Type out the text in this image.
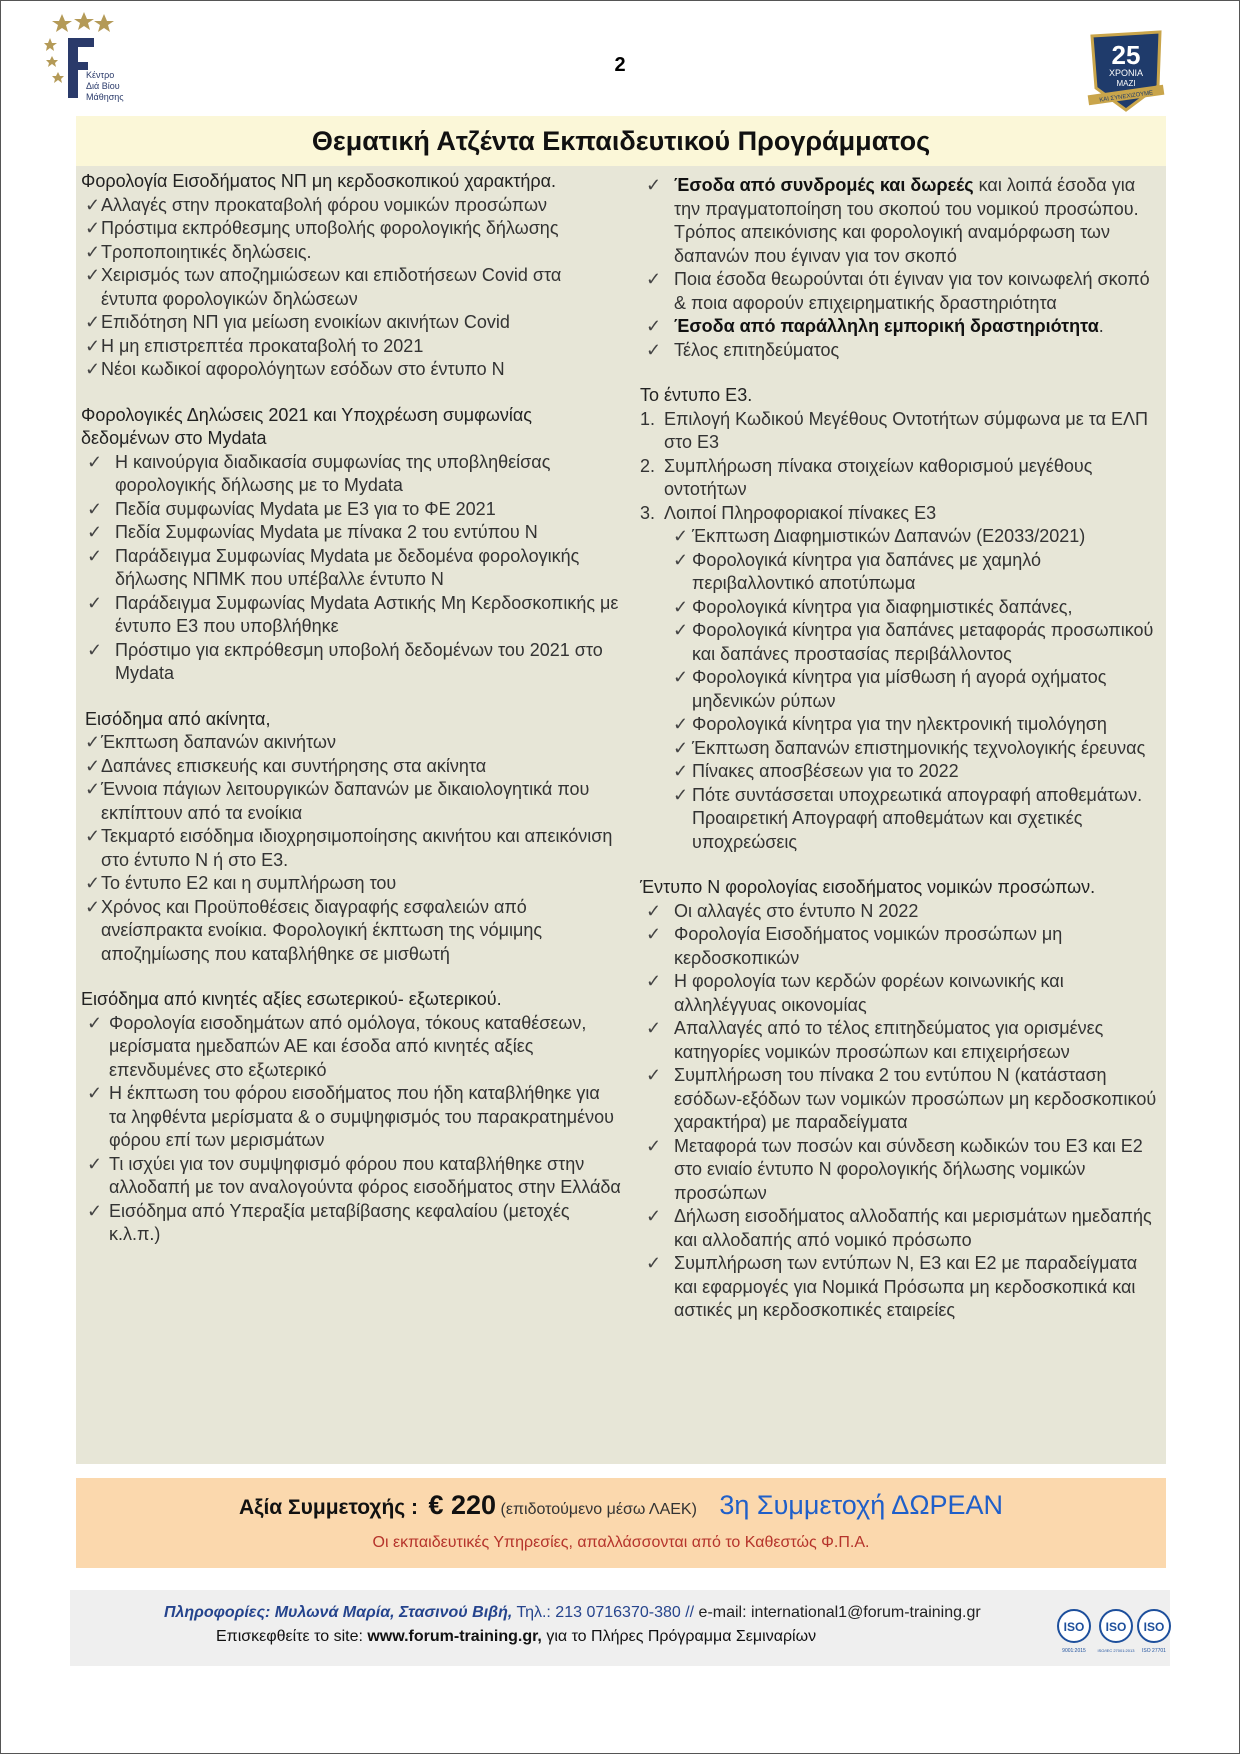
Κέντρο
Διά Βίου
Μάθησης
2	25
ΧΡΟΝΙΑ
ΜΑΖΙ
ΚΑΙ ΣΥΝΕΧΙΖΟΥΜΕ
Θεματική Ατζέντα Εκπαιδευτικού Προγράμματος
Φορολογία Εισοδήματος ΝΠ μη κερδοσκοπικού χαρακτήρα.
✓ Αλλαγές στην προκαταβολή φόρου νομικών προσώπων
✓ Πρόστιμα εκπρόθεσμης υποβολής φορολογικής δήλωσης
✓ Τροποποιητικές δηλώσεις.
✓ Χειρισμός των αποζημιώσεων και επιδοτήσεων Covid στα έντυπα φορολογικών δηλώσεων
✓ Επιδότηση ΝΠ για μείωση ενοικίων ακινήτων Covid
✓ Η μη επιστρεπτέα προκαταβολή το 2021
✓ Νέοι κωδικοί αφορολόγητων εσόδων στο έντυπο Ν
Φορολογικές Δηλώσεις 2021 και Υποχρέωση συμφωνίας δεδομένων στο Mydata
✓ Η καινούργια διαδικασία συμφωνίας της υποβληθείσας φορολογικής δήλωσης με το Mydata
✓ Πεδία συμφωνίας Mydata με Ε3 για το ΦΕ 2021
✓ Πεδία Συμφωνίας Mydata με πίνακα 2 του εντύπου Ν
✓ Παράδειγμα Συμφωνίας Mydata με δεδομένα φορολογικής δήλωσης ΝΠΜΚ που υπέβαλλε έντυπο Ν
✓ Παράδειγμα Συμφωνίας Mydata Αστικής Μη Κερδοσκοπικής με έντυπο Ε3 που υποβλήθηκε
✓ Πρόστιμο για εκπρόθεσμη υποβολή δεδομένων του 2021 στο Mydata
Εισόδημα από ακίνητα,
✓ Έκπτωση δαπανών ακινήτων
✓ Δαπάνες επισκευής και συντήρησης στα ακίνητα
✓ Έννοια πάγιων λειτουργικών δαπανών με δικαιολογητικά που εκπίπτουν από τα ενοίκια
✓ Τεκμαρτό εισόδημα ιδιοχρησιμοποίησης ακινήτου και απεικόνιση στο έντυπο Ν ή στο Ε3.
✓ Το έντυπο Ε2 και η συμπλήρωση του
✓ Χρόνος και Προϋποθέσεις διαγραφής εσφαλειών από ανείσπρακτα ενοίκια. Φορολογική έκπτωση της νόμιμης αποζημίωσης που καταβλήθηκε σε μισθωτή
Εισόδημα από κινητές αξίες εσωτερικού- εξωτερικού.
✓ Φορολογία εισοδημάτων από ομόλογα, τόκους καταθέσεων, μερίσματα ημεδαπών ΑΕ και έσοδα από κινητές αξίες επενδυμένες στο εξωτερικό
✓ Η έκπτωση του φόρου εισοδήματος που ήδη καταβλήθηκε για τα ληφθέντα μερίσματα & ο συμψηφισμός του παρακρατημένου φόρου επί των μερισμάτων
✓ Τι ισχύει για τον συμψηφισμό φόρου που καταβλήθηκε στην αλλοδαπή με τον αναλογούντα φόρος εισοδήματος στην Ελλάδα
✓ Εισόδημα από Υπεραξία μεταβίβασης κεφαλαίου (μετοχές κ.λ.π.)
✓ Έσοδα από συνδρομές και δωρεές και λοιπά έσοδα για την πραγματοποίηση του σκοπού του νομικού προσώπου. Τρόπος απεικόνισης και φορολογική αναμόρφωση των δαπανών που έγιναν για τον σκοπό
✓ Ποια έσοδα θεωρούνται ότι έγιναν για τον κοινωφελή σκοπό & ποια αφορούν επιχειρηματικής δραστηριότητα
✓ Έσοδα από παράλληλη εμπορική δραστηριότητα.
✓ Τέλος επιτηδεύματος
Το έντυπο Ε3.
1. Επιλογή Κωδικού Μεγέθους Οντοτήτων σύμφωνα με τα ΕΛΠ στο Ε3
2. Συμπλήρωση πίνακα στοιχείων καθορισμού μεγέθους οντοτήτων
3. Λοιποί Πληροφοριακοί πίνακες Ε3
✓ Έκπτωση Διαφημιστικών Δαπανών (Ε2033/2021)
✓ Φορολογικά κίνητρα για δαπάνες με χαμηλό περιβαλλοντικό αποτύπωμα
✓ Φορολογικά κίνητρα για διαφημιστικές δαπάνες,
✓ Φορολογικά κίνητρα για δαπάνες μεταφοράς προσωπικού και δαπάνες προστασίας περιβάλλοντος
✓ Φορολογικά κίνητρα για μίσθωση ή αγορά οχήματος μηδενικών ρύπων
✓ Φορολογικά κίνητρα για την ηλεκτρονική τιμολόγηση
✓ Έκπτωση δαπανών επιστημονικής τεχνολογικής έρευνας
✓ Πίνακες αποσβέσεων για το 2022
✓ Πότε συντάσσεται υποχρεωτικά απογραφή αποθεμάτων. Προαιρετική Απογραφή αποθεμάτων και σχετικές υποχρεώσεις
Έντυπο Ν φορολογίας εισοδήματος νομικών προσώπων.
✓ Οι αλλαγές στο έντυπο Ν 2022
✓ Φορολογία Εισοδήματος νομικών προσώπων μη κερδοσκοπικών
✓ Η φορολογία των κερδών φορέων κοινωνικής και αλληλέγγυας οικονομίας
✓ Απαλλαγές από το τέλος επιτηδεύματος για ορισμένες κατηγορίες νομικών προσώπων και επιχειρήσεων
✓ Συμπλήρωση του πίνακα 2 του εντύπου Ν (κατάσταση εσόδων-εξόδων των νομικών προσώπων μη κερδοσκοπικού χαρακτήρα) με παραδείγματα
✓ Μεταφορά των ποσών και σύνδεση κωδικών του Ε3 και Ε2 στο ενιαίο έντυπο Ν φορολογικής δήλωσης νομικών προσώπων
✓ Δήλωση εισοδήματος αλλοδαπής και μερισμάτων ημεδαπής και αλλοδαπής από νομικό πρόσωπο
✓ Συμπλήρωση των εντύπων Ν, Ε3 και Ε2 με παραδείγματα και εφαρμογές για Νομικά Πρόσωπα μη κερδοσκοπικά και αστικές μη κερδοσκοπικές εταιρείες
Αξία Συμμετοχής : € 220 (επιδοτούμενο μέσω ΛΑΕΚ) 3η Συμμετοχή ΔΩΡΕΑΝ
Οι εκπαιδευτικές Υπηρεσίες, απαλλάσσονται από το Καθεστώς Φ.Π.Α.
Πληροφορίες: Μυλωνά Μαρία, Στασινού Βιβή, Τηλ.: 213 0716370-380 // e-mail: international1@forum-training.gr
Επισκεφθείτε το site: www.forum-training.gr, για το Πλήρες Πρόγραμμα Σεμιναρίων
ISO
9001:2015
ISO
ISO/IEC 27001:2013
ISO
ISO 27701
